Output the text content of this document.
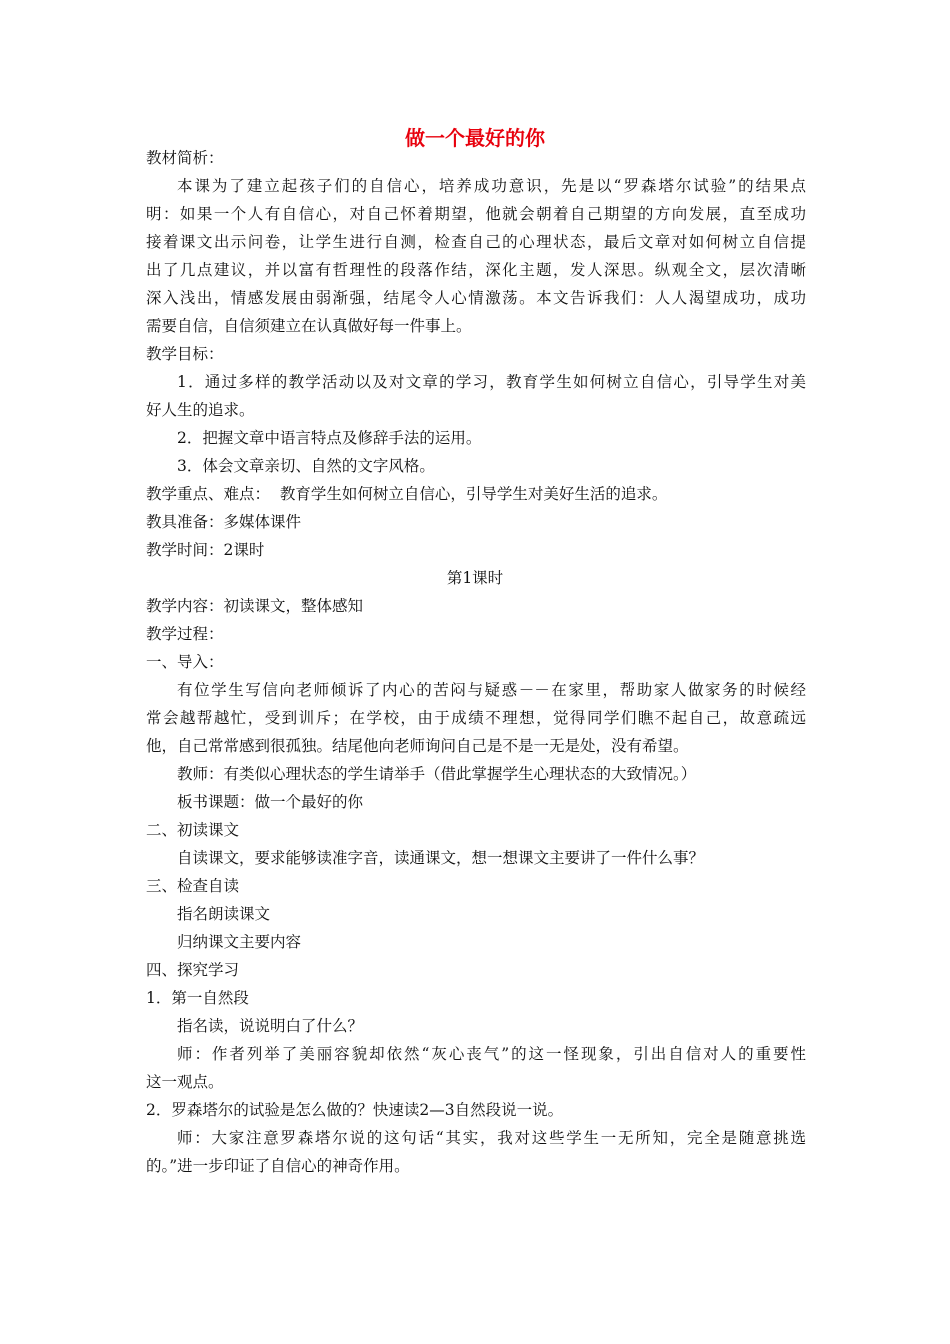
做一个最好的你
教材简析：
本课为了建立起孩子们的自信心，培养成功意识，先是以“罗森塔尔试验”的结果点
明：如果一个人有自信心，对自己怀着期望，他就会朝着自己期望的方向发展，直至成功
接着课文出示问卷，让学生进行自测，检查自己的心理状态，最后文章对如何树立自信提
出了几点建议，并以富有哲理性的段落作结，深化主题，发人深思。纵观全文，层次清晰
深入浅出，情感发展由弱渐强，结尾令人心情激荡。本文告诉我们：人人渴望成功，成功
需要自信，自信须建立在认真做好每一件事上。
教学目标：
1．通过多样的教学活动以及对文章的学习，教育学生如何树立自信心，引导学生对美
好人生的追求。
2．把握文章中语言特点及修辞手法的运用。
3．体会文章亲切、自然的文字风格。
教学重点、难点：  教育学生如何树立自信心，引导学生对美好生活的追求。
教具准备：多媒体课件
教学时间：2课时
第1课时
教学内容：初读课文，整体感知
教学过程：
一、导入：
有位学生写信向老师倾诉了内心的苦闷与疑惑－－在家里，帮助家人做家务的时候经
常会越帮越忙，受到训斥；在学校，由于成绩不理想，觉得同学们瞧不起自己，故意疏远
他，自己常常感到很孤独。结尾他向老师询问自己是不是一无是处，没有希望。
教师：有类似心理状态的学生请举手（借此掌握学生心理状态的大致情况。）
板书课题：做一个最好的你
二、初读课文
自读课文，要求能够读准字音，读通课文，想一想课文主要讲了一件什么事？
三、检查自读
指名朗读课文
归纳课文主要内容
四、探究学习
1．第一自然段
指名读，说说明白了什么？
师：作者列举了美丽容貌却依然“灰心丧气”的这一怪现象，引出自信对人的重要性
这一观点。
2．罗森塔尔的试验是怎么做的？快速读2—3自然段说一说。
师：大家注意罗森塔尔说的这句话“其实，我对这些学生一无所知，完全是随意挑选
的。”进一步印证了自信心的神奇作用。
